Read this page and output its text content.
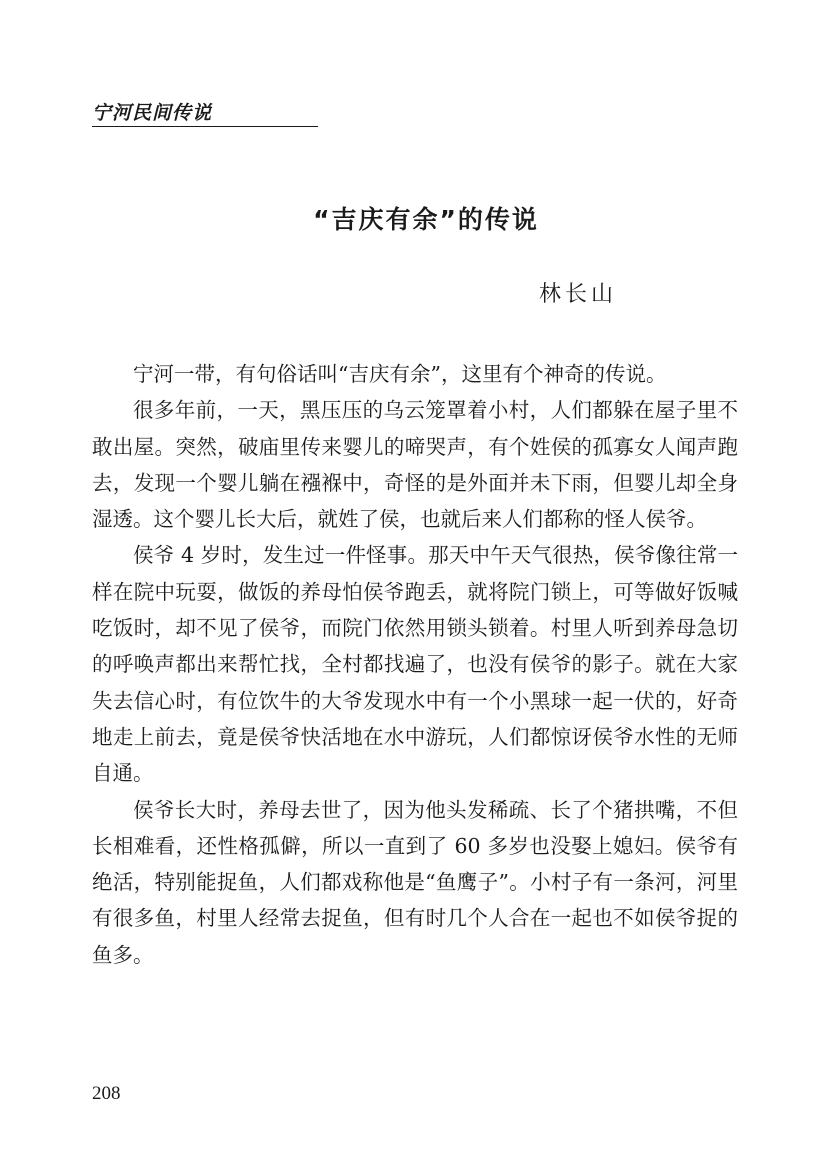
宁河民间传说
“吉庆有余”的传说
林长山

宁河一带，有句俗话叫“吉庆有余”，这里有个神奇的传说。

很多年前，一天，黑压压的乌云笼罩着小村，人们都躲在屋子里不敢出屋。突然，破庙里传来婴儿的啼哭声，有个姓侯的孤寡女人闻声跑去，发现一个婴儿躺在襁褓中，奇怪的是外面并未下雨，但婴儿却全身湿透。这个婴儿长大后，就姓了侯，也就后来人们都称的怪人侯爷。

侯爷 4 岁时，发生过一件怪事。那天中午天气很热，侯爷像往常一样在院中玩耍，做饭的养母怕侯爷跑丢，就将院门锁上，可等做好饭喊吃饭时，却不见了侯爷，而院门依然用锁头锁着。村里人听到养母急切的呼唤声都出来帮忙找，全村都找遍了，也没有侯爷的影子。就在大家失去信心时，有位饮牛的大爷发现水中有一个小黑球一起一伏的，好奇地走上前去，竟是侯爷快活地在水中游玩，人们都惊讶侯爷水性的无师自通。

侯爷长大时，养母去世了，因为他头发稀疏、长了个猪拱嘴，不但长相难看，还性格孤僻，所以一直到了 60 多岁也没娶上媳妇。侯爷有绝活，特别能捉鱼，人们都戏称他是“鱼鹰子”。小村子有一条河，河里有很多鱼，村里人经常去捉鱼，但有时几个人合在一起也不如侯爷捉的鱼多。

208
